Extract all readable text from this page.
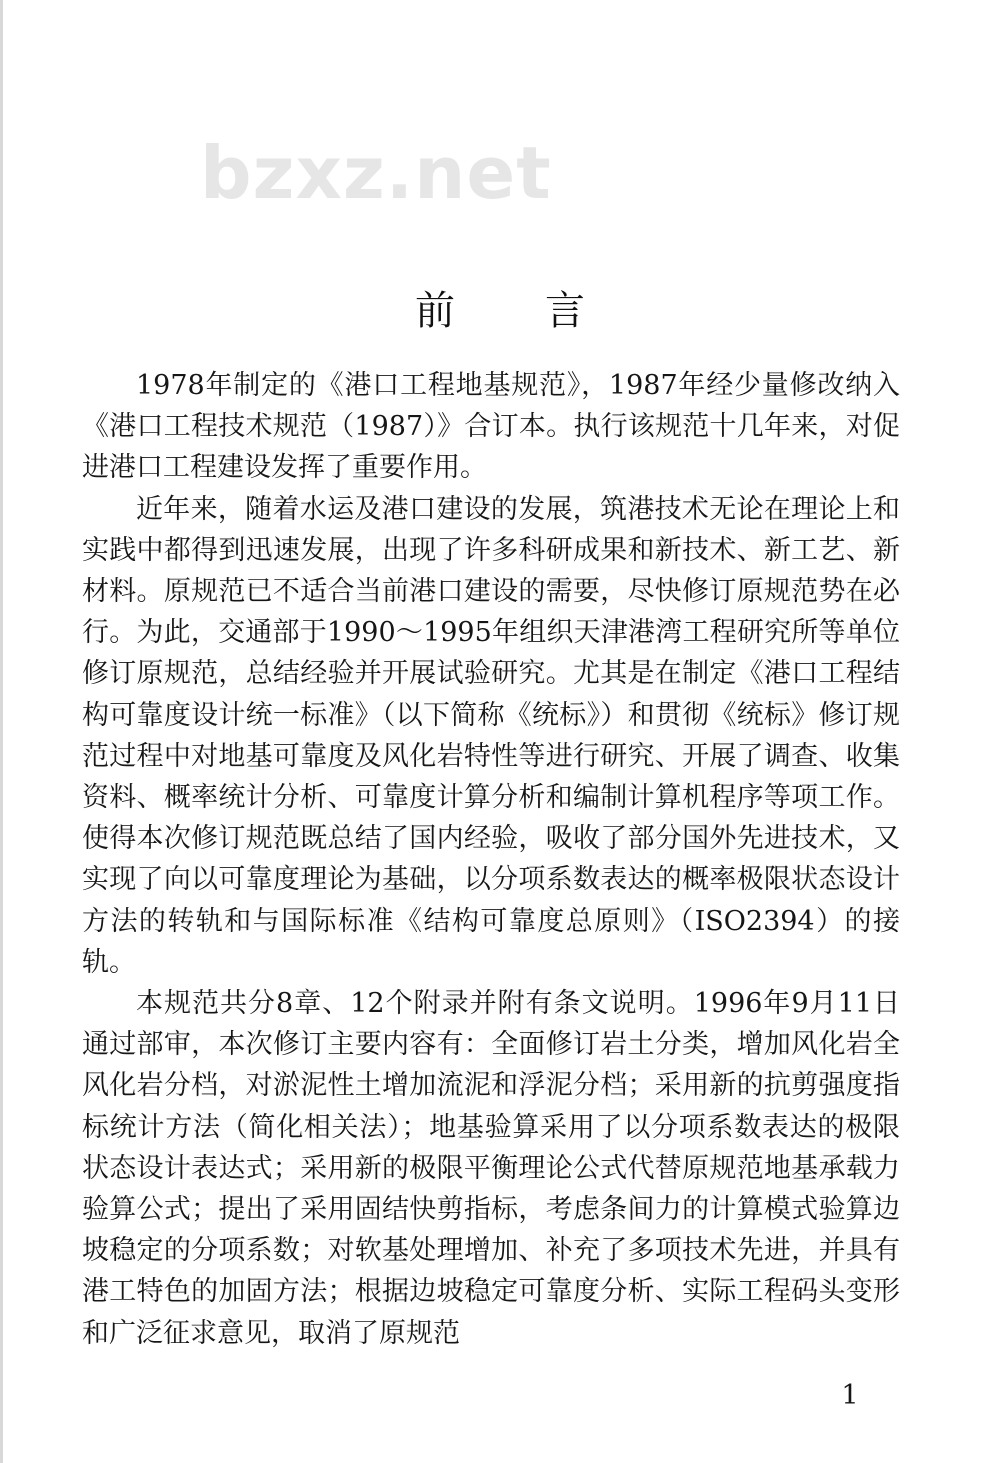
bzxz.net
前 言

1978年制定的《港口工程地基规范》，1987年经少量修改纳入《港口工程技术规范（1987）》合订本。执行该规范十几年来，对促进港口工程建设发挥了重要作用。

近年来，随着水运及港口建设的发展，筑港技术无论在理论上和实践中都得到迅速发展，出现了许多科研成果和新技术、新工艺、新材料。原规范已不适合当前港口建设的需要，尽快修订原规范势在必行。为此，交通部于1990～1995年组织天津港湾工程研究所等单位修订原规范，总结经验并开展试验研究。尤其是在制定《港口工程结构可靠度设计统一标准》（以下简称《统标》）和贯彻《统标》修订规范过程中对地基可靠度及风化岩特性等进行研究、开展了调查、收集资料、概率统计分析、可靠度计算分析和编制计算机程序等项工作。使得本次修订规范既总结了国内经验，吸收了部分国外先进技术，又实现了向以可靠度理论为基础，以分项系数表达的概率极限状态设计方法的转轨和与国际标准《结构可靠度总原则》（ISO2394）的接轨。

本规范共分8章、12个附录并附有条文说明。1996年9月11日通过部审，本次修订主要内容有：全面修订岩土分类，增加风化岩全风化岩分档，对淤泥性土增加流泥和浮泥分档；采用新的抗剪强度指标统计方法（简化相关法）；地基验算采用了以分项系数表达的极限状态设计表达式；采用新的极限平衡理论公式代替原规范地基承载力验算公式；提出了采用固结快剪指标，考虑条间力的计算模式验算边坡稳定的分项系数；对软基处理增加、补充了多项技术先进，并具有港工特色的加固方法；根据边坡稳定可靠度分析、实际工程码头变形和广泛征求意见，取消了原规范

1
